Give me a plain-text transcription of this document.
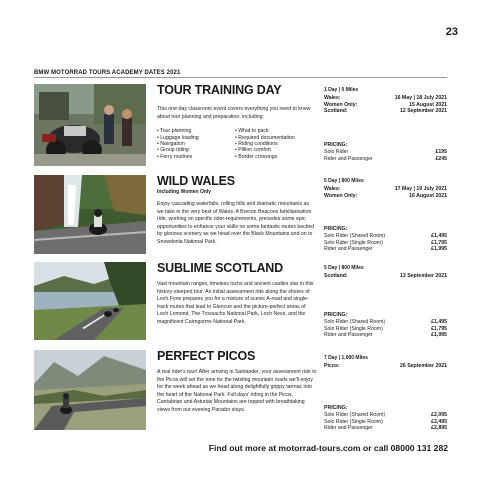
23
BMW MOTORRAD TOURS ACADEMY DATES 2021
TOUR TRAINING DAY
This one-day classroom event covers everything you need to know about tour planning and preparation, including:
• Tour planning
• Luggage loading
• Navigation
• Group riding
• Ferry routines
• What to pack
• Required documentation
• Riding conditions
• Pillion comfort
• Border crossings
1 Day | 0 Miles
Wales:	16 May | 18 July 2021
Women Only:	15 August 2021
Scotland:	12 September 2021
PRICING:
Solo Rider	£195
Rider and Passenger	£245
WILD WALES
Including Women Only
Enjoy cascading waterfalls, rolling hills and dramatic mountains as we take in the very best of Wales. A Brecon Beacons familiarisation ride, working on specific rider-requirements, precedes some epic opportunities to enhance your skills on some fantastic routes backed by glorious scenery as we head over the Black Mountains and on to Snowdonia National Park.
5 Day | 800 Miles
Wales:	17 May | 19 July 2021
Women Only:	16 August 2021
PRICING:
Solo Rider (Shared Room)	£1,495
Solo Rider (Single Room)	£1,795
Rider and Passenger	£1,995
SUBLIME SCOTLAND
Vast mountain ranges, timeless lochs and ancient castles star in this history-steeped tour. An initial assessment ride along the shores of Loch Fyne prepares you for a mixture of scenic A-road and single-track routes that lead to Glencoe and the picture-perfect areas of Loch Lomond, The Trossachs National Park, Loch Ness, and the magnificent Cairngorms National Park.
5 Day | 800 Miles
Scotland:	13 September 2021
PRICING:
Solo Rider (Shared Room)	£1,495
Solo Rider (Single Room)	£1,795
Rider and Passenger	£1,995
PERFECT PICOS
A real rider's tour! After arriving in Santander, your assessment ride to the Picos will set the tone for the twisting mountain roads we'll enjoy for the week ahead as we head along delightfully grippy tarmac into the heart of the National Park. Full days' riding in the Picos, Cantabrian and Asturias Mountains are topped with breathtaking views from our evening Parador stays.
7 Day | 1,000 Miles
Picos:	26 September 2021
PRICING:
Solo Rider (Shared Room)	£2,095
Solo Rider (Single Room)	£2,495
Rider and Passenger	£2,895
Find out more at motorrad-tours.com or call 08000 131 282
